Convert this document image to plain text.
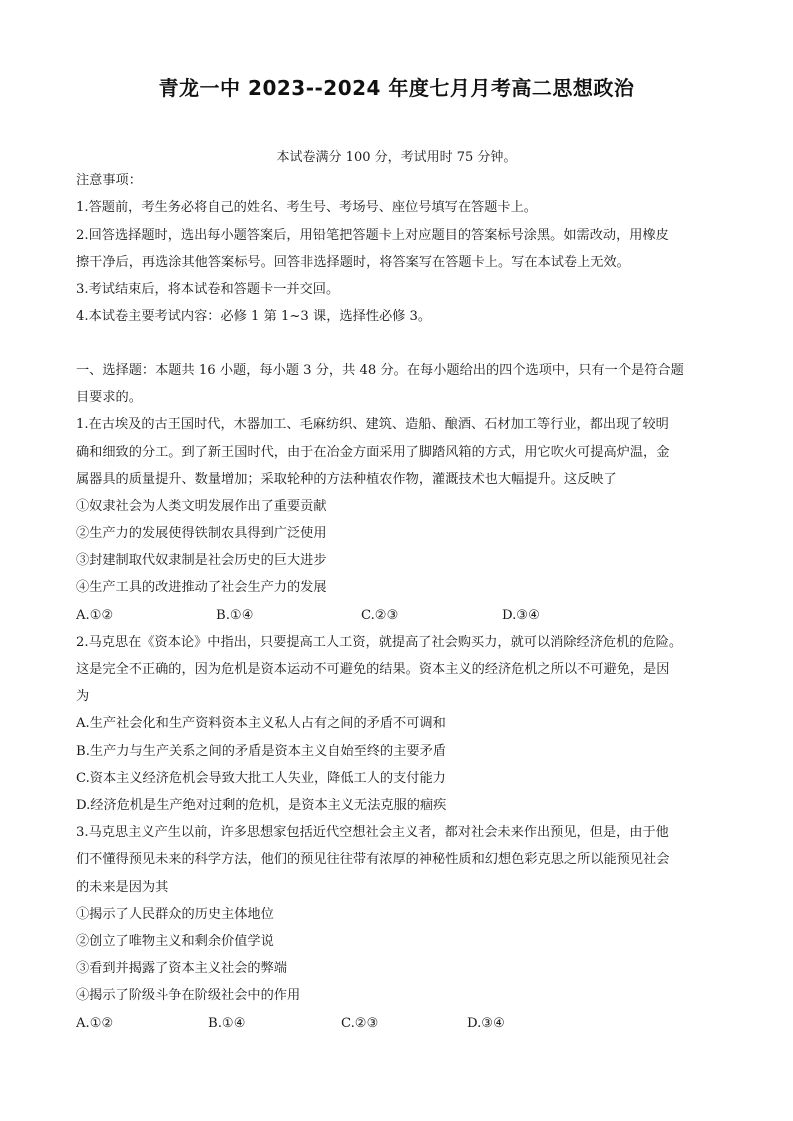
青龙一中 2023--2024 年度七月月考高二思想政治
本试卷满分 100 分，考试用时 75 分钟。
注意事项：
1.答题前，考生务必将自己的姓名、考生号、考场号、座位号填写在答题卡上。
2.回答选择题时，选出每小题答案后，用铅笔把答题卡上对应题目的答案标号涂黑。如需改动，用橡皮
擦干净后，再选涂其他答案标号。回答非选择题时，将答案写在答题卡上。写在本试卷上无效。
3.考试结束后，将本试卷和答题卡一并交回。
4.本试卷主要考试内容：必修 1 第 1~3 课，选择性必修 3。
一、选择题：本题共 16 小题，每小题 3 分，共 48 分。在每小题给出的四个选项中，只有一个是符合题
目要求的。
1.在古埃及的古王国时代，木器加工、毛麻纺织、建筑、造船、酿酒、石材加工等行业，都出现了较明
确和细致的分工。到了新王国时代，由于在冶金方面采用了脚踏风箱的方式，用它吹火可提高炉温，金
属器具的质量提升、数量增加；采取轮种的方法种植农作物，灌溉技术也大幅提升。这反映了
①奴隶社会为人类文明发展作出了重要贡献
②生产力的发展使得铁制农具得到广泛使用
③封建制取代奴隶制是社会历史的巨大进步
④生产工具的改进推动了社会生产力的发展
A.①②	B.①④	C.②③	D.③④
2.马克思在《资本论》中指出，只要提高工人工资，就提高了社会购买力，就可以消除经济危机的危险。
这是完全不正确的，因为危机是资本运动不可避免的结果。资本主义的经济危机之所以不可避免，是因
为
A.生产社会化和生产资料资本主义私人占有之间的矛盾不可调和
B.生产力与生产关系之间的矛盾是资本主义自始至终的主要矛盾
C.资本主义经济危机会导致大批工人失业，降低工人的支付能力
D.经济危机是生产绝对过剩的危机，是资本主义无法克服的痼疾
3.马克思主义产生以前，许多思想家包括近代空想社会主义者，都对社会未来作出预见，但是，由于他
们不懂得预见未来的科学方法，他们的预见往往带有浓厚的神秘性质和幻想色彩克思之所以能预见社会
的未来是因为其
①揭示了人民群众的历史主体地位
②创立了唯物主义和剩余价值学说
③看到并揭露了资本主义社会的弊端
④揭示了阶级斗争在阶级社会中的作用
A.①②	B.①④	C.②③	D.③④
